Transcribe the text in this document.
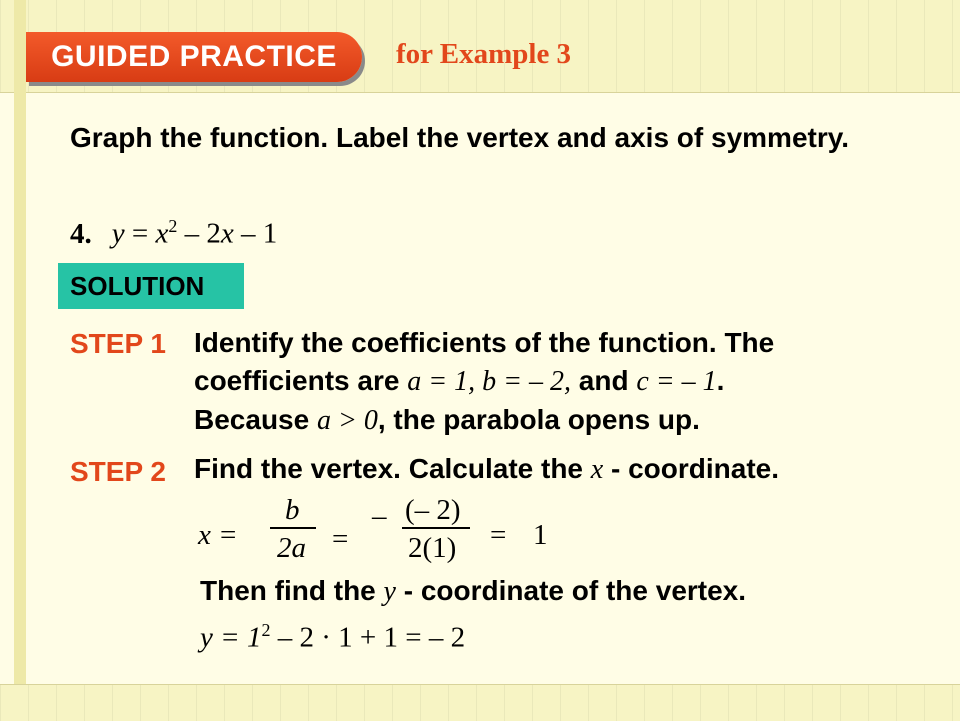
GUIDED PRACTICE	for Example 3
Graph the function. Label the vertex and axis of symmetry.
4. $y = x^2 - 2x - 1$
SOLUTION
STEP 1 Identify the coefficients of the function. The
coefficients are a = 1, b = – 2, and c = – 1.
Because a > 0, the parabola opens up.
STEP 2 Find the vertex. Calculate the x - coordinate.
x =
b
2a =
– (– 2)
2(1) = 1
Then find the y - coordinate of the vertex.
$y = 1^2 - 2 \cdot 1 + 1$ = – 2
